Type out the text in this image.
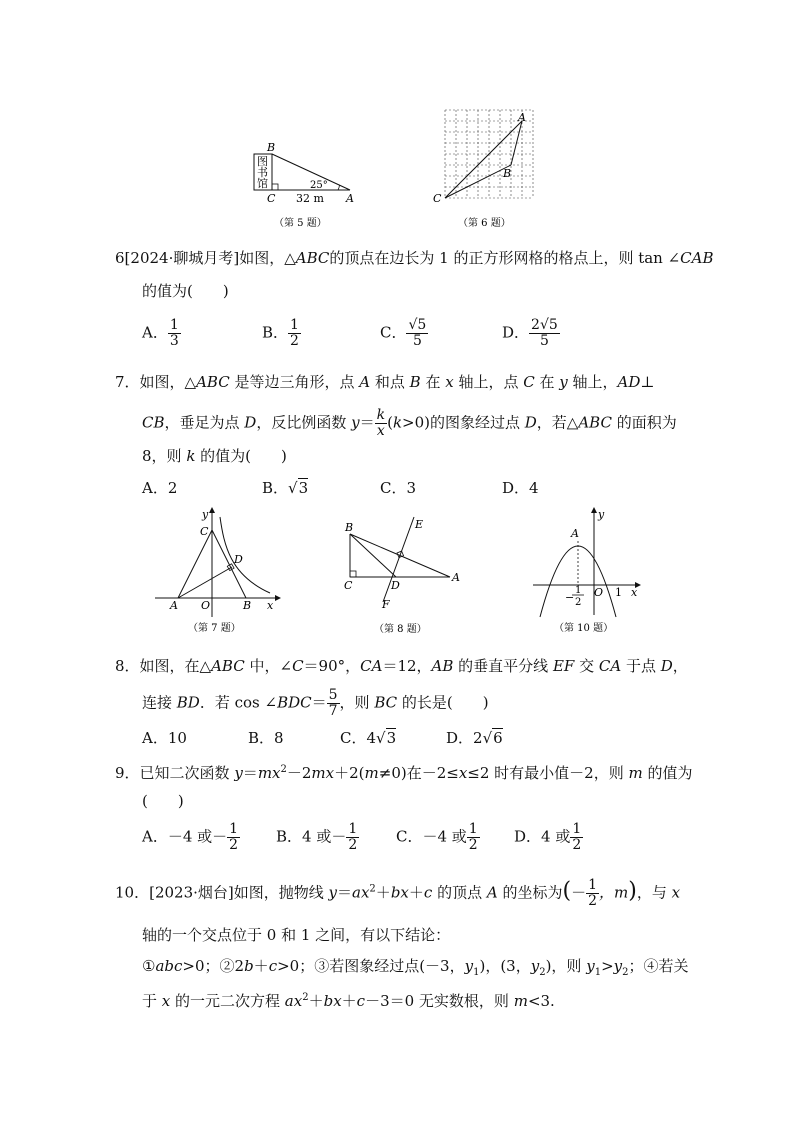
图
书
馆
B
C	A
25°
32 m
（第 5 题）
A
B
C
（第 6 题）
6[2024·聊城月考]如图，△ABC的顶点在边长为 1 的正方形网格的格点上，则 tan ∠CAB
的值为(　　)
A． $\frac{1}{3}$	B． $\frac{1}{2}$	C． $\frac{√5}{5}$	D． $\frac{2√5}{5}$
7．如图，△ABC 是等边三角形，点 A 和点 B 在 x 轴上，点 C 在 y 轴上，AD⊥
CB，垂足为点 D，反比例函数 $y= \frac{k}{x} (k>0)$的图象经过点 D，若△ABC 的面积为
8，则 k 的值为(　　)
A．2	B．√3	C．3	D．4
y
C
D
A O	B x
（第 7 题）
B	E
C	D
A
F
（第 8 题）
A
y
O 1 x
−
1
2
（第 10 题）
8．如图，在△ABC 中，∠C＝90°，CA＝12，AB 的垂直平分线 EF 交 CA 于点 D，
连接 BD．若 cos ∠BDC＝ $\frac{5}{7}$ ，则 BC 的长是(　　)
A．10	B．8	C．4√3	D．2√6
9．已知二次函数 $y=mx^2-2mx+2(m\ne 0)$在－2≤x≤2 时有最小值－2，则 m 的值为
(　　)
A．－4 或－ $\frac{1}{2}$ B．4 或－ $\frac{1}{2}$ C．－4 或 $\frac{1}{2}$ D．4 或 $\frac{1}{2}$
10．[2023·烟台]如图，抛物线 $y=ax^2+bx+c$ 的顶点 A 的坐标为(－ $\frac{1}{2}$ ，m)，与 x
轴的一个交点位于 0 和 1 之间，有以下结论：
①abc>0；②2b＋c>0；③若图象经过点(－3，$y_1$)，(3，$y_2$)，则 $y_1>y_2$；④若关
于 x 的一元二次方程 $ax^2+bx+c-3=0$ 无实数根，则 m<3.
